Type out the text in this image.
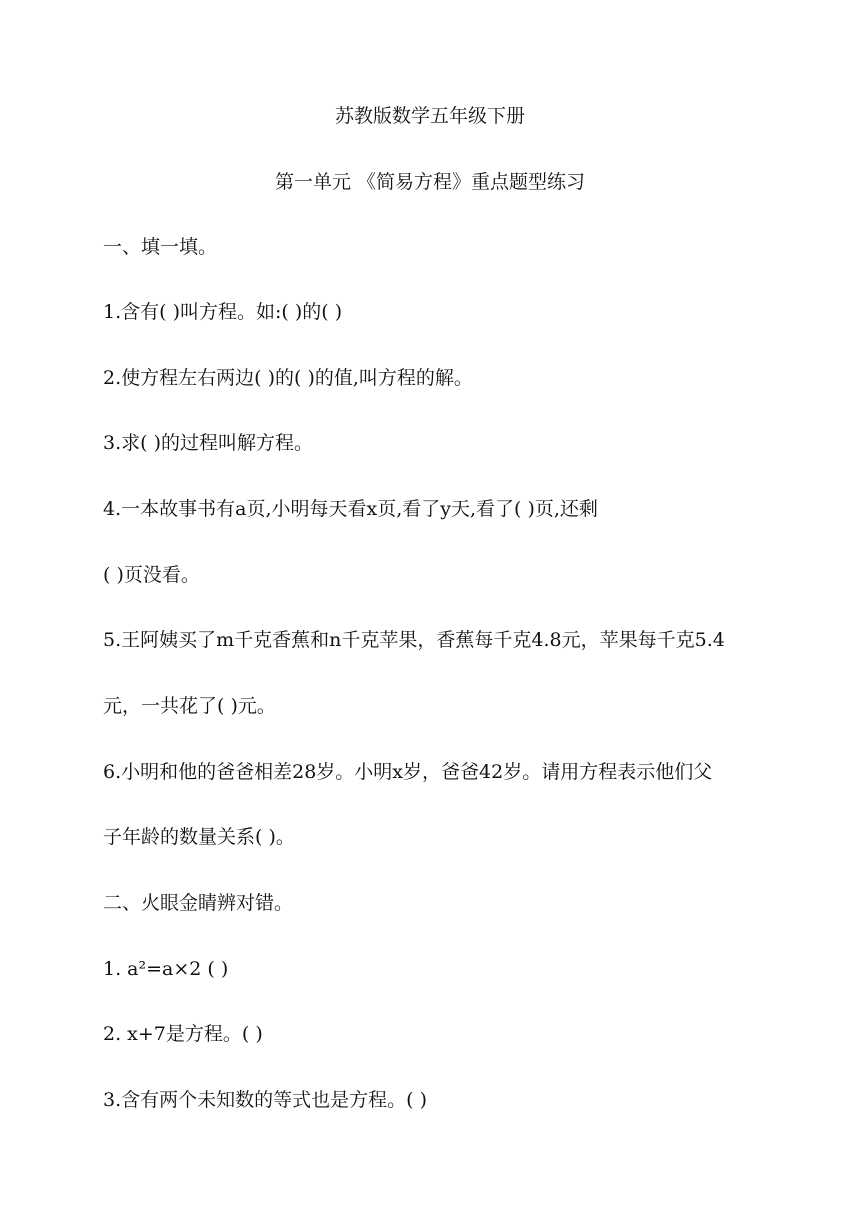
苏教版数学五年级下册
第一单元 《简易方程》重点题型练习
一、填一填。
1.含有( )叫方程。如:( )的( )
2.使方程左右两边( )的( )的值,叫方程的解。
3.求( )的过程叫解方程。
4.一本故事书有a页,小明每天看x页,看了y天,看了( )页,还剩
( )页没看。
5.王阿姨买了m千克香蕉和n千克苹果，香蕉每千克4.8元，苹果每千克5.4
元，一共花了( )元。
6.小明和他的爸爸相差28岁。小明x岁，爸爸42岁。请用方程表示他们父
子年龄的数量关系( )。
二、火眼金睛辨对错。
1. a²=a×2 ( )
2. x+7是方程。( )
3.含有两个未知数的等式也是方程。( )
